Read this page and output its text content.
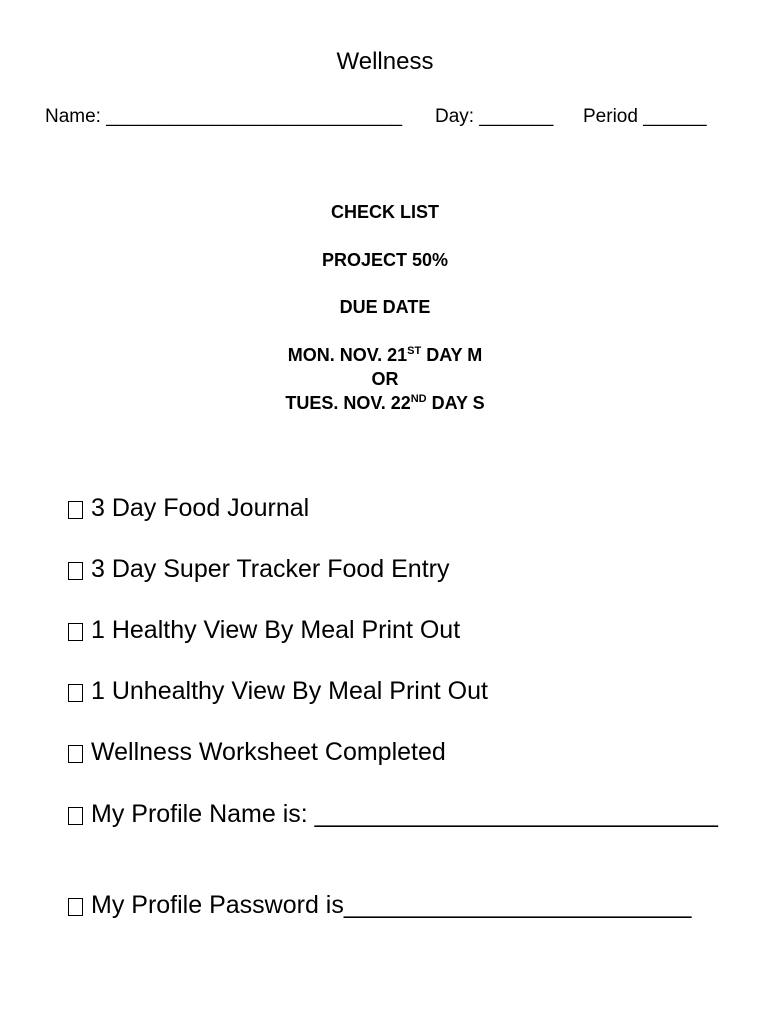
Wellness
Name: ____________________________ Day: _______ Period ______
CHECK LIST
PROJECT 50%
DUE DATE
MON. NOV. 21ST DAY M
OR
TUES. NOV. 22ND DAY S
3 Day Food Journal
3 Day Super Tracker Food Entry
1 Healthy View By Meal Print Out
1 Unhealthy View By Meal Print Out
Wellness Worksheet Completed
My Profile Name is: _____________________________
My Profile Password is_________________________
